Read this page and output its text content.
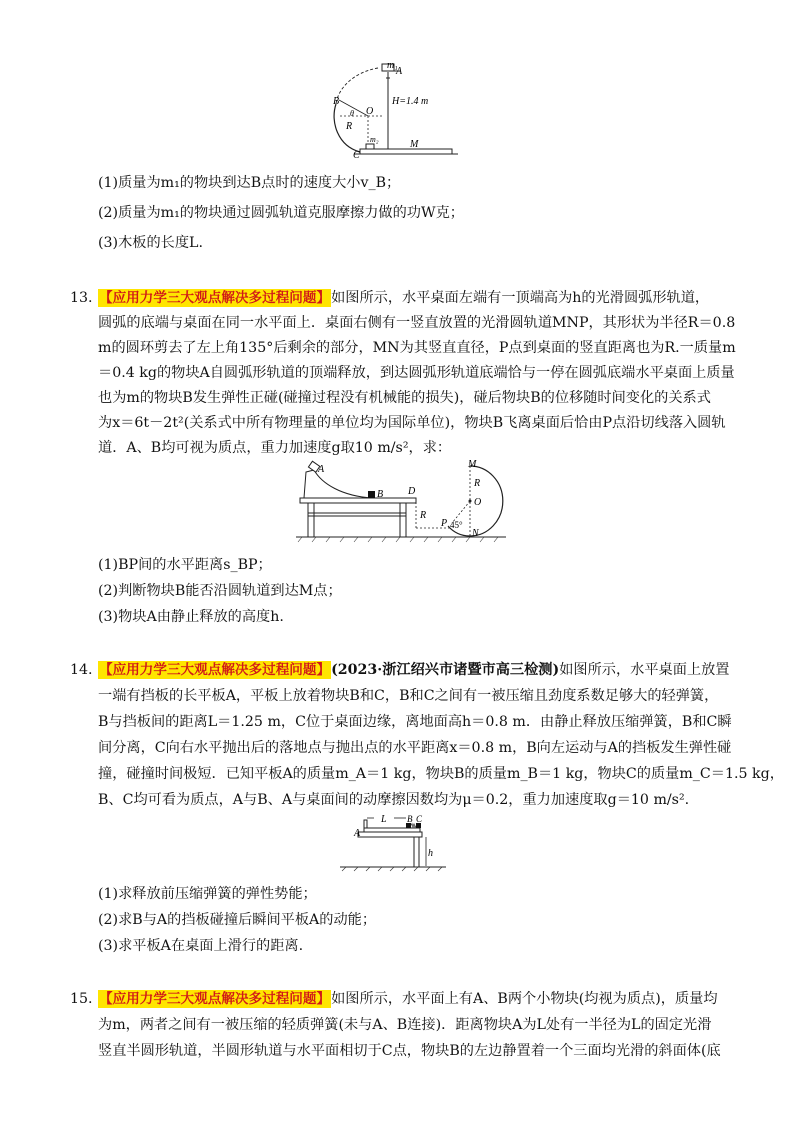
m₁
A
B
θ O
R
H=1.4 m
C
m₂	M
(1)质量为m₁的物块到达B点时的速度大小v_B；
(2)质量为m₁的物块通过圆弧轨道克服摩擦力做的功W克；
(3)木板的长度L.
13. 【应用力学三大观点解决多过程问题】如图所示，水平桌面左端有一顶端高为h的光滑圆弧形轨道，
圆弧的底端与桌面在同一水平面上．桌面右侧有一竖直放置的光滑圆轨道MNP，其形状为半径R＝0.8
m的圆环剪去了左上角135°后剩余的部分，MN为其竖直直径，P点到桌面的竖直距离也为R.一质量m
＝0.4 kg的物块A自圆弧形轨道的顶端释放，到达圆弧形轨道底端恰与一停在圆弧底端水平桌面上质量
也为m的物块B发生弹性正碰(碰撞过程没有机械能的损失)，碰后物块B的位移随时间变化的关系式
为x＝6t－2t²(关系式中所有物理量的单位均为国际单位)，物块B飞离桌面后恰由P点沿切线落入圆轨
道．A、B均可视为质点，重力加速度g取10 m/s²，求：
A
B D
R
M
R
O
P 45°
N
(1)BP间的水平距离s_BP；
(2)判断物块B能否沿圆轨道到达M点；
(3)物块A由静止释放的高度h.
14. 【应用力学三大观点解决多过程问题】(2023·浙江绍兴市诸暨市高三检测)如图所示，水平桌面上放置
一端有挡板的长平板A，平板上放着物块B和C，B和C之间有一被压缩且劲度系数足够大的轻弹簧，
B与挡板间的距离L＝1.25 m，C位于桌面边缘，离地面高h＝0.8 m．由静止释放压缩弹簧，B和C瞬
间分离，C向右水平抛出后的落地点与抛出点的水平距离x＝0.8 m，B向左运动与A的挡板发生弹性碰
撞，碰撞时间极短．已知平板A的质量m_A＝1 kg，物块B的质量m_B＝1 kg，物块C的质量m_C＝1.5 kg，
B、C均可看为质点，A与B、A与桌面间的动摩擦因数均为μ＝0.2，重力加速度取g＝10 m/s².
A
L B C
h
(1)求释放前压缩弹簧的弹性势能；
(2)求B与A的挡板碰撞后瞬间平板A的动能；
(3)求平板A在桌面上滑行的距离.
15. 【应用力学三大观点解决多过程问题】如图所示，水平面上有A、B两个小物块(均视为质点)，质量均
为m，两者之间有一被压缩的轻质弹簧(未与A、B连接)．距离物块A为L处有一半径为L的固定光滑
竖直半圆形轨道，半圆形轨道与水平面相切于C点，物块B的左边静置着一个三面均光滑的斜面体(底
